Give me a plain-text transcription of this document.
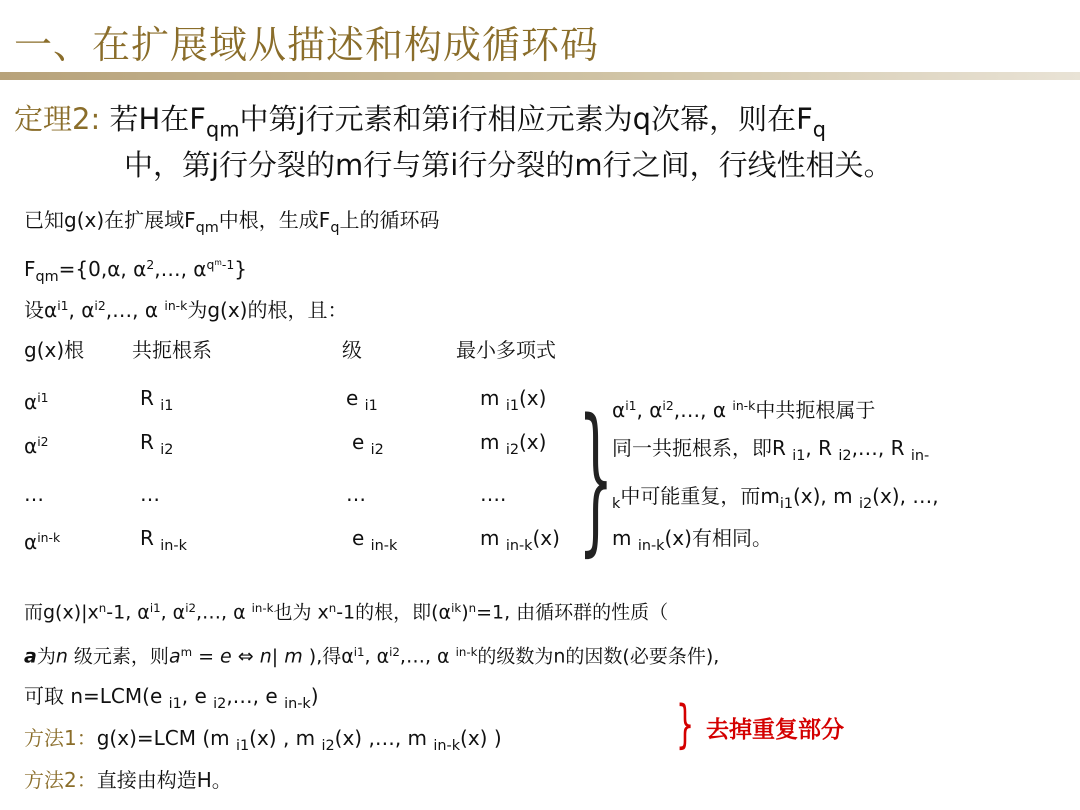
一、在扩展域从描述和构成循环码
定理2: 若H在$F_{qm}$中第j行元素和第i行相应元素为q次幂，则在$F_q$
中，第j行分裂的m行与第i行分裂的m行之间，行线性相关。
已知g(x)在扩展域$F_{qm}$中根，生成$F_q$上的循环码
$F_{qm}=\{0,\alpha$, $\alpha^2,\dots$, $\alpha^{q^m-1}$}
设$\alpha^{i1}$, $\alpha^{i2},\dots$, α $^{in-k}$为g(x)的根，且：
g(x)根 共扼根系	级	最小多项式
$\alpha^{i1}$	R $_{i1}$	e $_{i1}$	m $_{i1}$(x)
$\alpha^{i2}$	R $_{i2}$	e $_{i2}$	m $_{i2}$(x)
…	…	…	….
$\alpha^{in-k}$	R $_{in-k}$	e $_{in-k}$	m $_{in-k}$(x) }
$\alpha^{i1}$, $\alpha^{i2},\dots$, α $^{in-k}$中共扼根属于
同一共扼根系，即R $_{i1}$, R $_{i2}$,…, R $_{in-}$
$_k$中可能重复，而$m_{i1}(x)$, m $_{i2}$(x), …,
m $_{in-k}$(x)有相同。
而$g(x)|x^n-1$, $\alpha^{i1}$, $\alpha^{i2},\dots$, α $^{in-k}$也为 $x^n-1$的根，即$(\alpha^{ik})^n=1$, 由循环群的性质（
a为n 级元素，则$a^m = e$ ⇔ n| m ),得$\alpha^{i1}$, $\alpha^{i2},\dots$, α $^{in-k}$的级数为n的因数(必要条件),
可取 n=LCM(e $_{i1}$, e $_{i2}$,…, e $_{in-k}$)
方法1：g(x)=LCM (m $_{i1}$(x) , m $_{i2}$(x) ,…, m $_{in-k}$(x) )
方法2：直接由构造H。
} 去掉重复部分
